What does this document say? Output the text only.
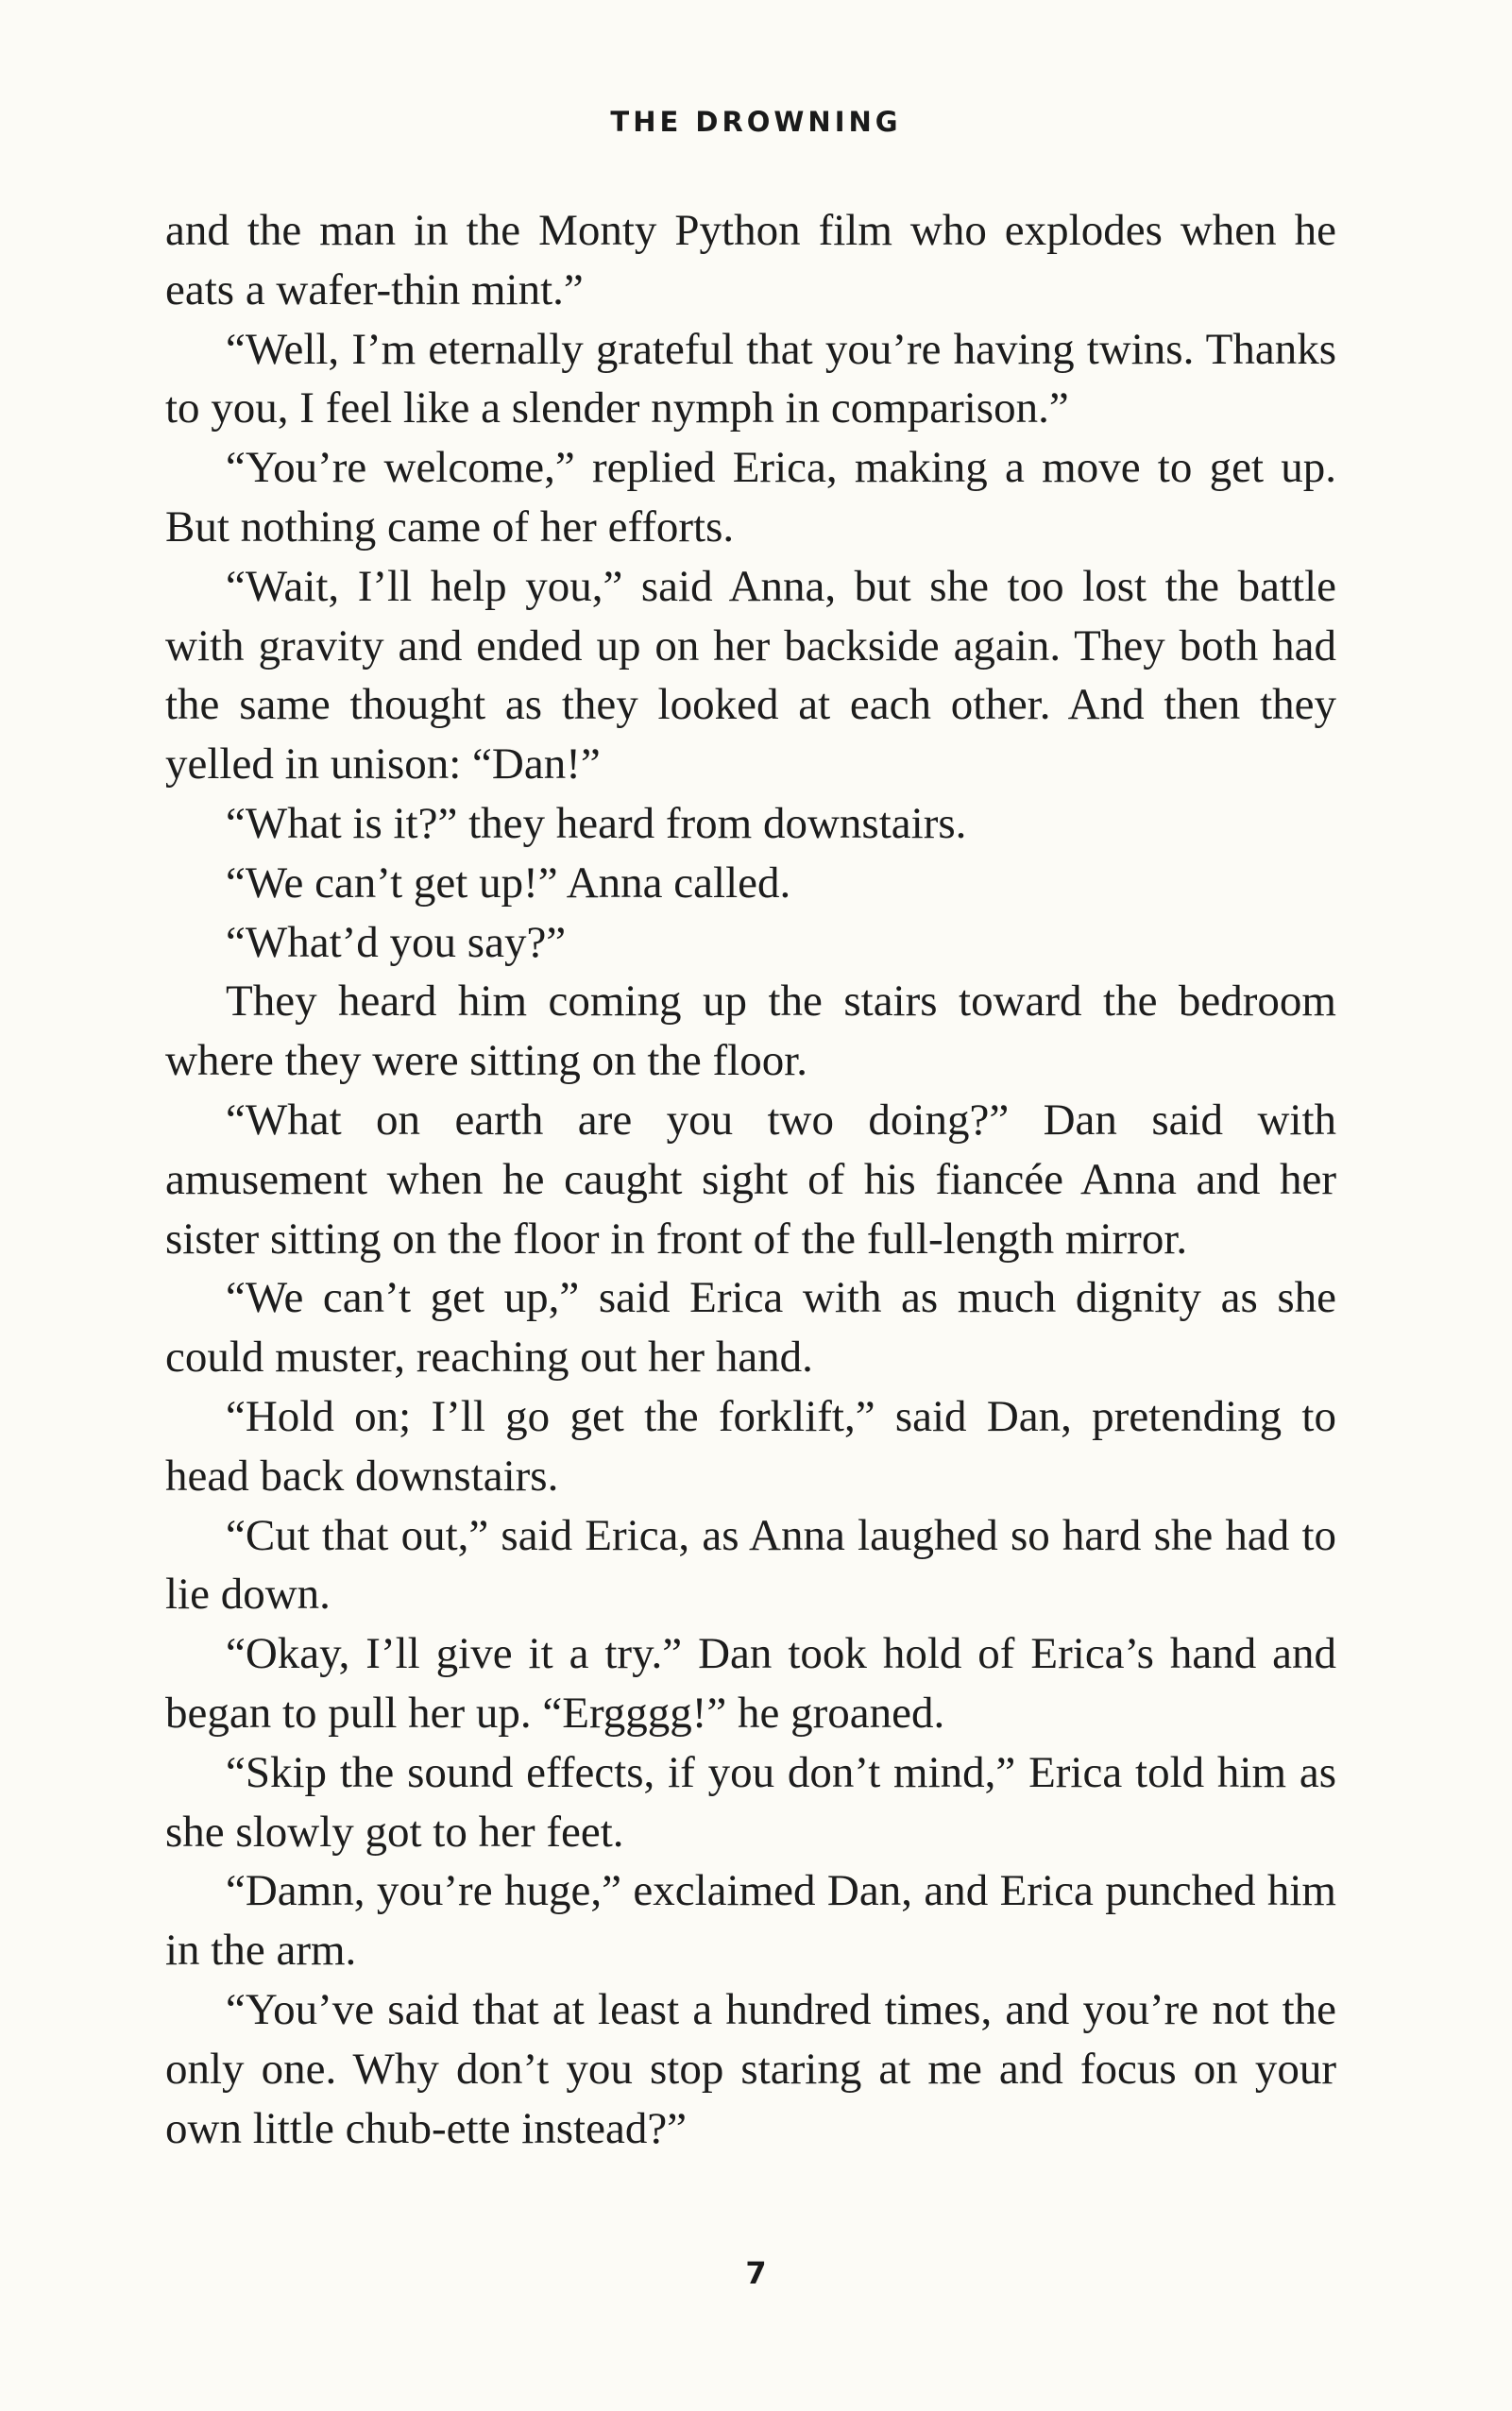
THE DROWNING

and the man in the Monty Python film who explodes when he eats a wafer-thin mint.”

“Well, I’m eternally grateful that you’re having twins. Thanks to you, I feel like a slender nymph in comparison.”

“You’re welcome,” replied Erica, making a move to get up. But nothing came of her efforts.

“Wait, I’ll help you,” said Anna, but she too lost the battle with gravity and ended up on her backside again. They both had the same thought as they looked at each other. And then they yelled in unison: “Dan!”

“What is it?” they heard from downstairs.

“We can’t get up!” Anna called.

“What’d you say?”

They heard him coming up the stairs toward the bedroom where they were sitting on the floor.

“What on earth are you two doing?” Dan said with amusement when he caught sight of his fiancée Anna and her sister sitting on the floor in front of the full-length mirror.

“We can’t get up,” said Erica with as much dignity as she could muster, reaching out her hand.

“Hold on; I’ll go get the forklift,” said Dan, pretending to head back downstairs.

“Cut that out,” said Erica, as Anna laughed so hard she had to lie down.

“Okay, I’ll give it a try.” Dan took hold of Erica’s hand and began to pull her up. “Ergggg!” he groaned.

“Skip the sound effects, if you don’t mind,” Erica told him as she slowly got to her feet.

“Damn, you’re huge,” exclaimed Dan, and Erica punched him in the arm.

“You’ve said that at least a hundred times, and you’re not the only one. Why don’t you stop staring at me and focus on your own little chub-ette instead?”

7
